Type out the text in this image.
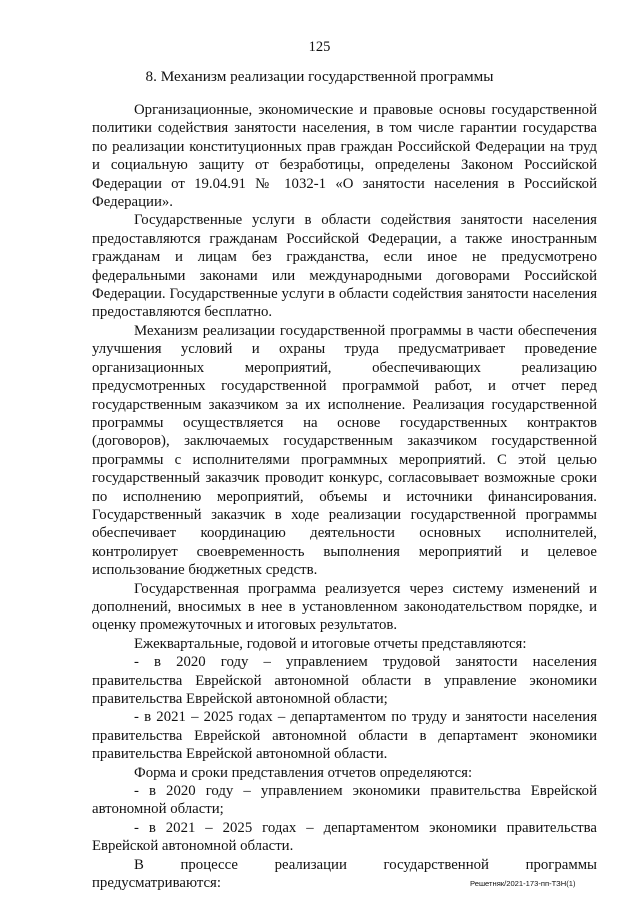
125
8. Механизм реализации государственной программы

Организационные, экономические и правовые основы государственной политики содействия занятости населения, в том числе гарантии государства по реализации конституционных прав граждан Российской Федерации на труд и социальную защиту от безработицы, определены Законом Российской Федерации от 19.04.91 № 1032-1 «О занятости населения в Российской Федерации».

Государственные услуги в области содействия занятости населения предоставляются гражданам Российской Федерации, а также иностранным гражданам и лицам без гражданства, если иное не предусмотрено федеральными законами или международными договорами Российской Федерации. Государственные услуги в области содействия занятости населения предоставляются бесплатно.

Механизм реализации государственной программы в части обеспечения улучшения условий и охраны труда предусматривает проведение организационных мероприятий, обеспечивающих реализацию предусмотренных государственной программой работ, и отчет перед государственным заказчиком за их исполнение. Реализация государственной программы осуществляется на основе государственных контрактов (договоров), заключаемых государственным заказчиком государственной программы с исполнителями программных мероприятий. С этой целью государственный заказчик проводит конкурс, согласовывает возможные сроки по исполнению мероприятий, объемы и источники финансирования. Государственный заказчик в ходе реализации государственной программы обеспечивает координацию деятельности основных исполнителей, контролирует своевременность выполнения мероприятий и целевое использование бюджетных средств.

Государственная программа реализуется через систему изменений и дополнений, вносимых в нее в установленном законодательством порядке, и оценку промежуточных и итоговых результатов.

Ежеквартальные, годовой и итоговые отчеты представляются:

- в 2020 году – управлением трудовой занятости населения правительства Еврейской автономной области в управление экономики правительства Еврейской автономной области;

- в 2021 – 2025 годах – департаментом по труду и занятости населения правительства Еврейской автономной области в департамент экономики правительства Еврейской автономной области.

Форма и сроки представления отчетов определяются:

- в 2020 году – управлением экономики правительства Еврейской автономной области;

- в 2021 – 2025 годах – департаментом экономики правительства Еврейской автономной области.

В процессе реализации государственной программы предусматриваются:	Решетняк/2021-173-пп-ТЗН(1)
